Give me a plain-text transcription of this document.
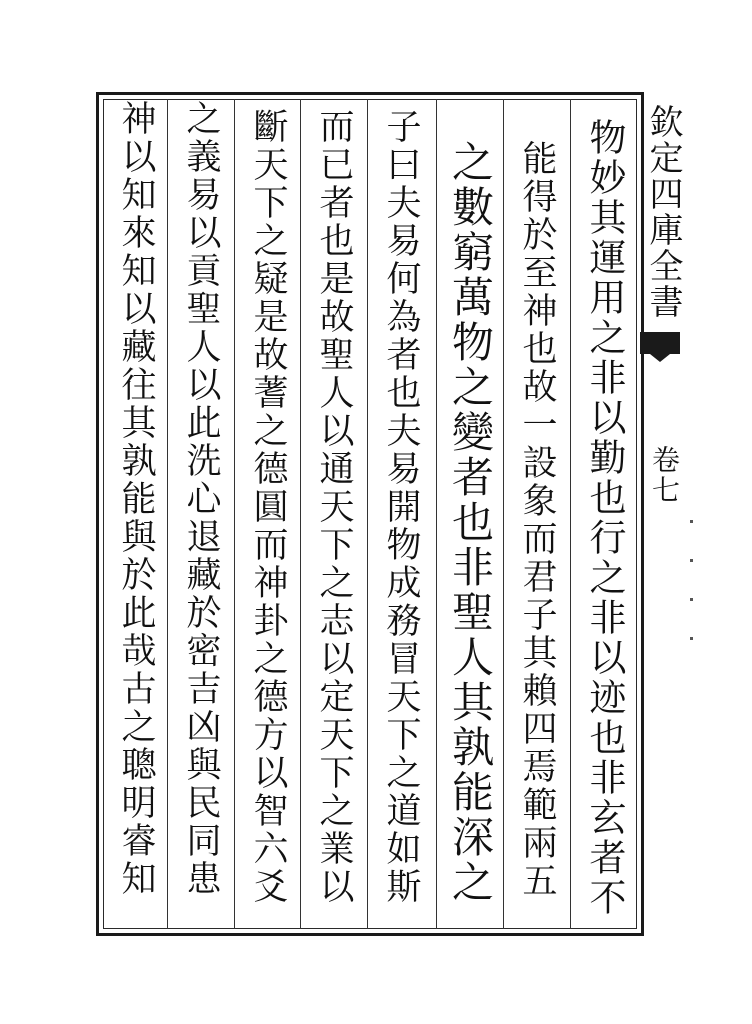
欽定四庫全書
卷七
物妙其運用之非以勤也行之非以迹也非玄者不
能得於至神也故一設象而君子其賴四焉範兩五
之數窮萬物之變者也非聖人其孰能深之
子曰夫易何為者也夫易開物成務冒天下之道如斯
而已者也是故聖人以通天下之志以定天下之業以
斷天下之疑是故蓍之德圓而神卦之德方以智六爻
之義易以貢聖人以此洗心退藏於密吉凶與民同患
神以知來知以藏往其孰能與於此哉古之聰明睿知
